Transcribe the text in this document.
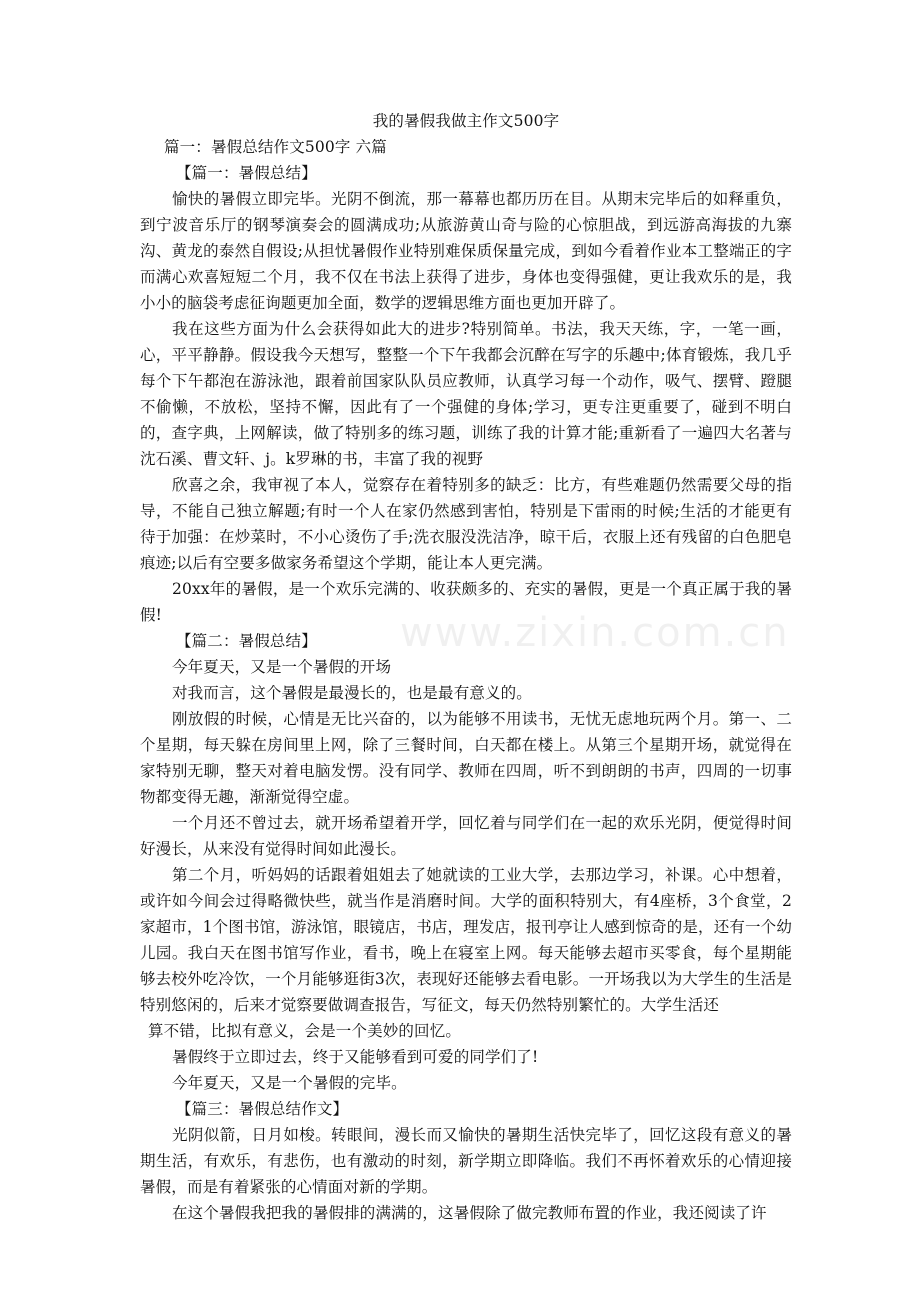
www.zixin.com.cn

我的暑假我做主作文500字

篇一：暑假总结作文500字 六篇

【篇一：暑假总结】

愉快的暑假立即完毕。光阴不倒流，那一幕幕也都历历在目。从期末完毕后的如释重负，到宁波音乐厅的钢琴演奏会的圆满成功;从旅游黄山奇与险的心惊胆战，到远游高海拔的九寨沟、黄龙的泰然自假设;从担忧暑假作业特别难保质保量完成，到如今看着作业本工整端正的字而满心欢喜短短二个月，我不仅在书法上获得了进步，身体也变得强健，更让我欢乐的是，我小小的脑袋考虑征询题更加全面，数学的逻辑思维方面也更加开辟了。

我在这些方面为什么会获得如此大的进步?特别简单。书法，我天天练，字，一笔一画，心，平平静静。假设我今天想写，整整一个下午我都会沉醉在写字的乐趣中;体育锻炼，我几乎每个下午都泡在游泳池，跟着前国家队队员应教师，认真学习每一个动作，吸气、摆臂、蹬腿不偷懒，不放松，坚持不懈，因此有了一个强健的身体;学习，更专注更重要了，碰到不明白的，查字典，上网解读，做了特别多的练习题，训练了我的计算才能;重新看了一遍四大名著与沈石溪、曹文轩、j。k罗琳的书，丰富了我的视野

欣喜之余，我审视了本人，觉察存在着特别多的缺乏：比方，有些难题仍然需要父母的指导，不能自己独立解题;有时一个人在家仍然感到害怕，特别是下雷雨的时候;生活的才能更有待于加强：在炒菜时，不小心烫伤了手;洗衣服没洗洁净，晾干后，衣服上还有残留的白色肥皂痕迹;以后有空要多做家务希望这个学期，能让本人更完满。

20xx年的暑假，是一个欢乐完满的、收获颇多的、充实的暑假，更是一个真正属于我的暑假!

【篇二：暑假总结】

今年夏天，又是一个暑假的开场

对我而言，这个暑假是最漫长的，也是最有意义的。

刚放假的时候，心情是无比兴奋的，以为能够不用读书，无忧无虑地玩两个月。第一、二个星期，每天躲在房间里上网，除了三餐时间，白天都在楼上。从第三个星期开场，就觉得在家特别无聊，整天对着电脑发愣。没有同学、教师在四周，听不到朗朗的书声，四周的一切事物都变得无趣，渐渐觉得空虚。

一个月还不曾过去，就开场希望着开学，回忆着与同学们在一起的欢乐光阴，便觉得时间好漫长，从来没有觉得时间如此漫长。

第二个月，听妈妈的话跟着姐姐去了她就读的工业大学，去那边学习，补课。心中想着，或许如今间会过得略微快些，就当作是消磨时间。大学的面积特别大，有4座桥，3个食堂，2家超市，1个图书馆，游泳馆，眼镜店，书店，理发店，报刊亭让人感到惊奇的是，还有一个幼儿园。我白天在图书馆写作业，看书，晚上在寝室上网。每天能够去超市买零食，每个星期能够去校外吃冷饮，一个月能够逛街3次，表现好还能够去看电影。一开场我以为大学生的生活是特别悠闲的，后来才觉察要做调查报告，写征文，每天仍然特别繁忙的。大学生活还

算不错，比拟有意义，会是一个美妙的回忆。

暑假终于立即过去，终于又能够看到可爱的同学们了!

今年夏天，又是一个暑假的完毕。

【篇三：暑假总结作文】

光阴似箭，日月如梭。转眼间，漫长而又愉快的暑期生活快完毕了，回忆这段有意义的暑期生活，有欢乐，有悲伤，也有激动的时刻，新学期立即降临。我们不再怀着欢乐的心情迎接暑假，而是有着紧张的心情面对新的学期。

在这个暑假我把我的暑假排的满满的，这暑假除了做完教师布置的作业，我还阅读了许
